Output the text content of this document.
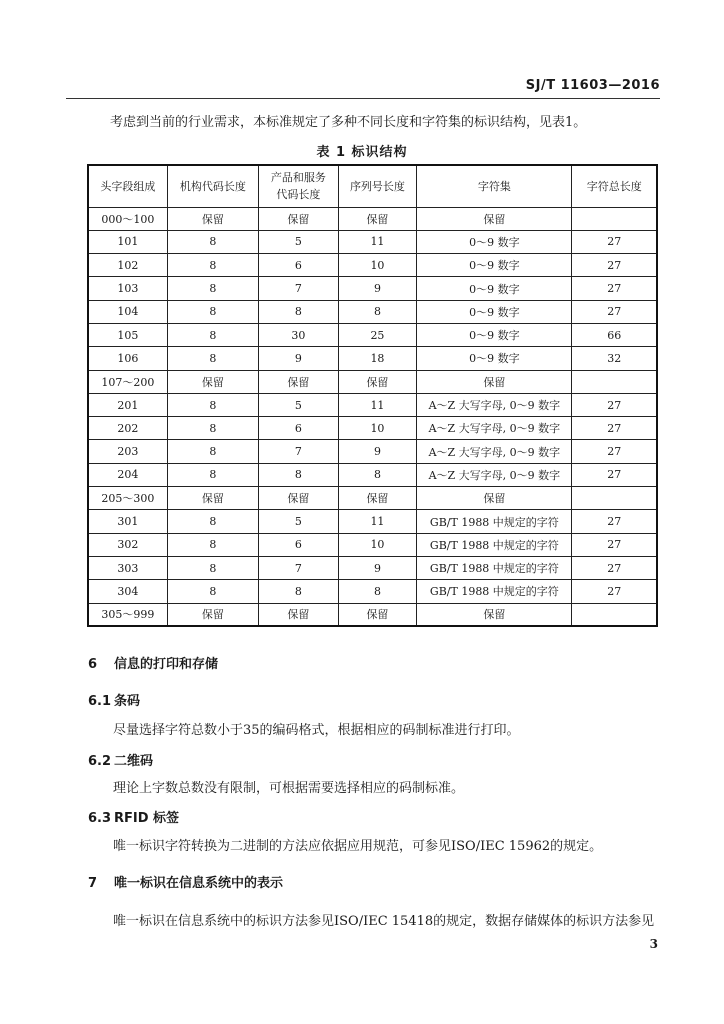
SJ/T 11603—2016
考虑到当前的行业需求，本标准规定了多种不同长度和字符集的标识结构，见表1。
表 1 标识结构
头字段组成	机构代码长度	产品和服务代码长度	序列号长度	字符集	字符总长度
000～100	保留	保留	保留	保留	
101	8	5	11	0～9 数字	27
102	8	6	10	0～9 数字	27
103	8	7	9	0～9 数字	27
104	8	8	8	0～9 数字	27
105	8	30	25	0～9 数字	66
106	8	9	18	0～9 数字	32
107～200	保留	保留	保留	保留	
201	8	5	11	A～Z 大写字母, 0～9 数字	27
202	8	6	10	A～Z 大写字母, 0～9 数字	27
203	8	7	9	A～Z 大写字母, 0～9 数字	27
204	8	8	8	A～Z 大写字母, 0～9 数字	27
205～300	保留	保留	保留	保留	
301	8	5	11	GB/T 1988 中规定的字符	27
302	8	6	10	GB/T 1988 中规定的字符	27
303	8	7	9	GB/T 1988 中规定的字符	27
304	8	8	8	GB/T 1988 中规定的字符	27
305～999	保留	保留	保留	保留	
6 信息的打印和存储
6.1 条码
尽量选择字符总数小于35的编码格式，根据相应的码制标准进行打印。
6.2 二维码
理论上字数总数没有限制，可根据需要选择相应的码制标准。
6.3 RFID 标签
唯一标识字符转换为二进制的方法应依据应用规范，可参见ISO/IEC 15962的规定。
7 唯一标识在信息系统中的表示
唯一标识在信息系统中的标识方法参见ISO/IEC 15418的规定，数据存储媒体的标识方法参见
3
